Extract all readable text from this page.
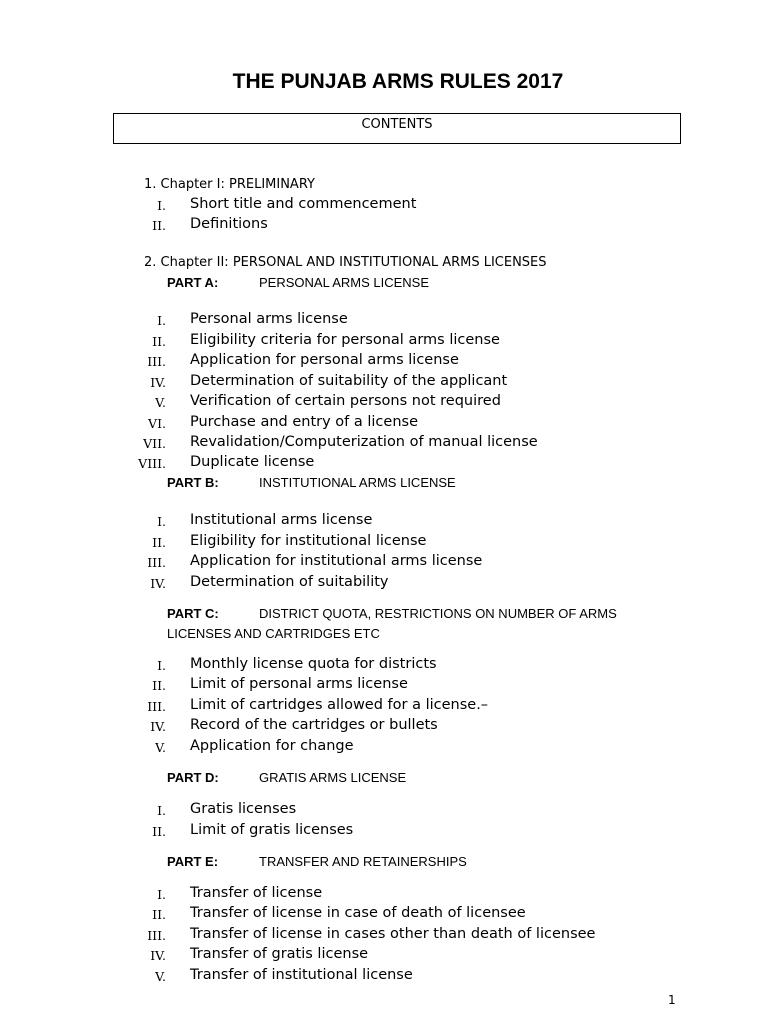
THE PUNJAB ARMS RULES 2017
CONTENTS
1. Chapter I: PRELIMINARY
I. Short title and commencement
II. Definitions
2. Chapter II: PERSONAL AND INSTITUTIONAL ARMS LICENSES
PART A:	PERSONAL ARMS LICENSE
I. Personal arms license
II. Eligibility criteria for personal arms license
III. Application for personal arms license
IV. Determination of suitability of the applicant
V. Verification of certain persons not required
VI. Purchase and entry of a license
VII. Revalidation/Computerization of manual license
VIII. Duplicate license
PART B:	INSTITUTIONAL ARMS LICENSE
I. Institutional arms license
II. Eligibility for institutional license
III. Application for institutional arms license
IV. Determination of suitability
PART C:	DISTRICT QUOTA, RESTRICTIONS ON NUMBER OF ARMS
LICENSES AND CARTRIDGES ETC
I. Monthly license quota for districts
II. Limit of personal arms license
III. Limit of cartridges allowed for a license.–
IV. Record of the cartridges or bullets
V. Application for change
PART D:	GRATIS ARMS LICENSE
I. Gratis licenses
II. Limit of gratis licenses
PART E:	TRANSFER AND RETAINERSHIPS
I. Transfer of license
II. Transfer of license in case of death of licensee
III. Transfer of license in cases other than death of licensee
IV. Transfer of gratis license
V. Transfer of institutional license
1
